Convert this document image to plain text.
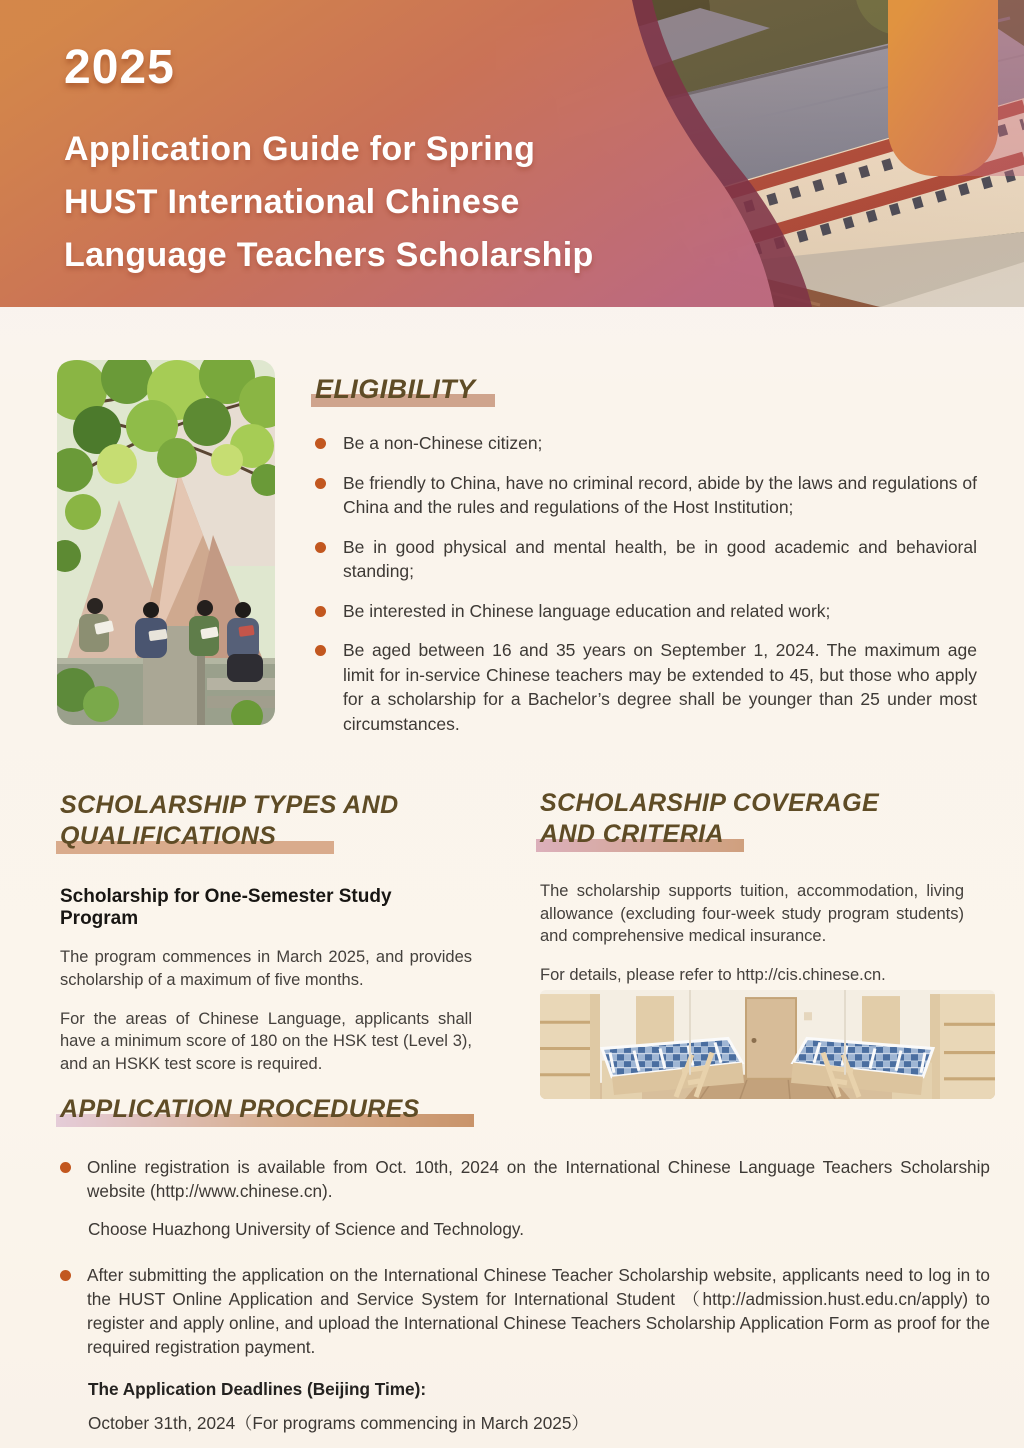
2025
Application Guide for Spring
HUST International Chinese
Language Teachers Scholarship
ELIGIBILITY
Be a non-Chinese citizen;
Be friendly to China, have no criminal record, abide by the laws and regulations of China and the rules and regulations of the Host Institution;
Be in good physical and mental health, be in good academic and behavioral standing;
Be interested in Chinese language education and related work;
Be aged between 16 and 35 years on September 1, 2024. The maximum age limit for in-service Chinese teachers may be extended to 45, but those who apply for a scholarship for a Bachelor’s degree shall be younger than 25 under most circumstances.
SCHOLARSHIP TYPES AND
QUALIFICATIONS
Scholarship for One-Semester Study Program

The program commences in March 2025, and provides scholarship of a maximum of five months.

For the areas of Chinese Language, applicants shall have a minimum score of 180 on the HSK test (Level 3), and an HSKK test score is required.

SCHOLARSHIP COVERAGE
AND CRITERIA

The scholarship supports tuition, accommodation, living allowance (excluding four-week study program students) and comprehensive medical insurance.

For details, please refer to http://cis.chinese.cn.

APPLICATION PROCEDURES
Online registration is available from Oct. 10th, 2024 on the International Chinese Language Teachers Scholarship website (http://www.chinese.cn).
Choose Huazhong University of Science and Technology.
After submitting the application on the International Chinese Teacher Scholarship website, applicants need to log in to the HUST Online Application and Service System for International Student （http://admission.hust.edu.cn/apply) to register and apply online, and upload the International Chinese Teachers Scholarship Application Form as proof for the required registration payment.
The Application Deadlines (Beijing Time):
October 31th, 2024（For programs commencing in March 2025）
